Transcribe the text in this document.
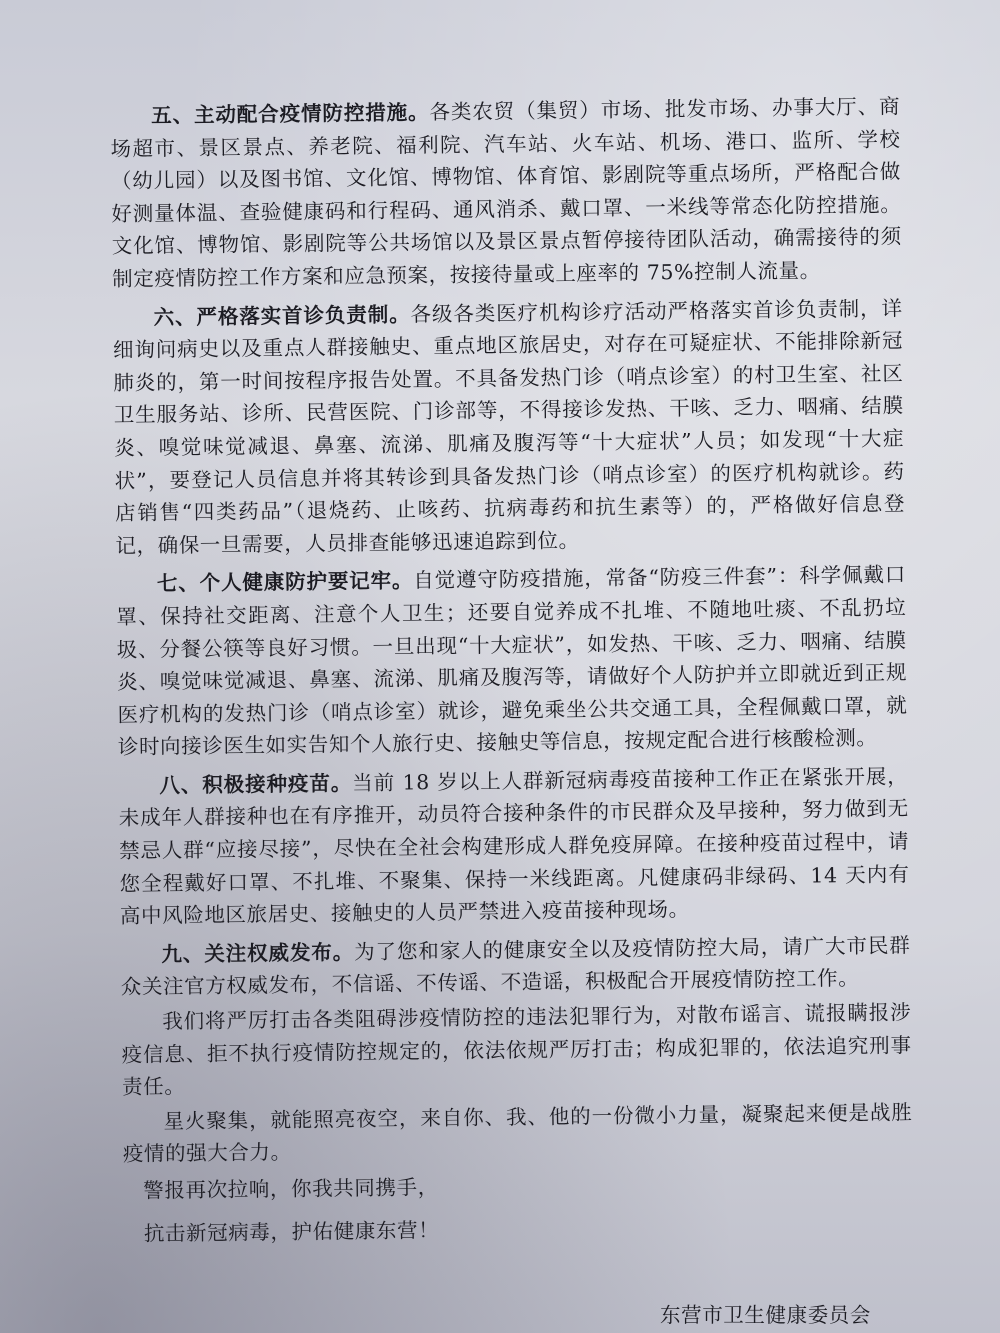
五、主动配合疫情防控措施。各类农贸（集贸）市场、批发市场、办事大厅、商场超市、景区景点、养老院、福利院、汽车站、火车站、机场、港口、监所、学校（幼儿园）以及图书馆、文化馆、博物馆、体育馆、影剧院等重点场所，严格配合做好测量体温、查验健康码和行程码、通风消杀、戴口罩、一米线等常态化防控措施。文化馆、博物馆、影剧院等公共场馆以及景区景点暂停接待团队活动，确需接待的须制定疫情防控工作方案和应急预案，按接待量或上座率的 75%控制人流量。

六、严格落实首诊负责制。各级各类医疗机构诊疗活动严格落实首诊负责制，详细询问病史以及重点人群接触史、重点地区旅居史，对存在可疑症状、不能排除新冠肺炎的，第一时间按程序报告处置。不具备发热门诊（哨点诊室）的村卫生室、社区卫生服务站、诊所、民营医院、门诊部等，不得接诊发热、干咳、乏力、咽痛、结膜炎、嗅觉味觉减退、鼻塞、流涕、肌痛及腹泻等“十大症状”人员；如发现“十大症状”，要登记人员信息并将其转诊到具备发热门诊（哨点诊室）的医疗机构就诊。药店销售“四类药品”（退烧药、止咳药、抗病毒药和抗生素等）的，严格做好信息登记，确保一旦需要，人员排查能够迅速追踪到位。

七、个人健康防护要记牢。自觉遵守防疫措施，常备“防疫三件套”：科学佩戴口罩、保持社交距离、注意个人卫生；还要自觉养成不扎堆、不随地吐痰、不乱扔垃圾、分餐公筷等良好习惯。一旦出现“十大症状”，如发热、干咳、乏力、咽痛、结膜炎、嗅觉味觉减退、鼻塞、流涕、肌痛及腹泻等，请做好个人防护并立即就近到正规医疗机构的发热门诊（哨点诊室）就诊，避免乘坐公共交通工具，全程佩戴口罩，就诊时向接诊医生如实告知个人旅行史、接触史等信息，按规定配合进行核酸检测。

八、积极接种疫苗。当前 18 岁以上人群新冠病毒疫苗接种工作正在紧张开展，未成年人群接种也在有序推开，动员符合接种条件的市民群众及早接种，努力做到无禁忌人群“应接尽接”，尽快在全社会构建形成人群免疫屏障。在接种疫苗过程中，请您全程戴好口罩、不扎堆、不聚集、保持一米线距离。凡健康码非绿码、14 天内有高中风险地区旅居史、接触史的人员严禁进入疫苗接种现场。

九、关注权威发布。为了您和家人的健康安全以及疫情防控大局，请广大市民群众关注官方权威发布，不信谣、不传谣、不造谣，积极配合开展疫情防控工作。

我们将严厉打击各类阻碍涉疫情防控的违法犯罪行为，对散布谣言、谎报瞒报涉疫信息、拒不执行疫情防控规定的，依法依规严厉打击；构成犯罪的，依法追究刑事责任。

星火聚集，就能照亮夜空，来自你、我、他的一份微小力量，凝聚起来便是战胜疫情的强大合力。

警报再次拉响，你我共同携手，

抗击新冠病毒，护佑健康东营！

东营市卫生健康委员会
